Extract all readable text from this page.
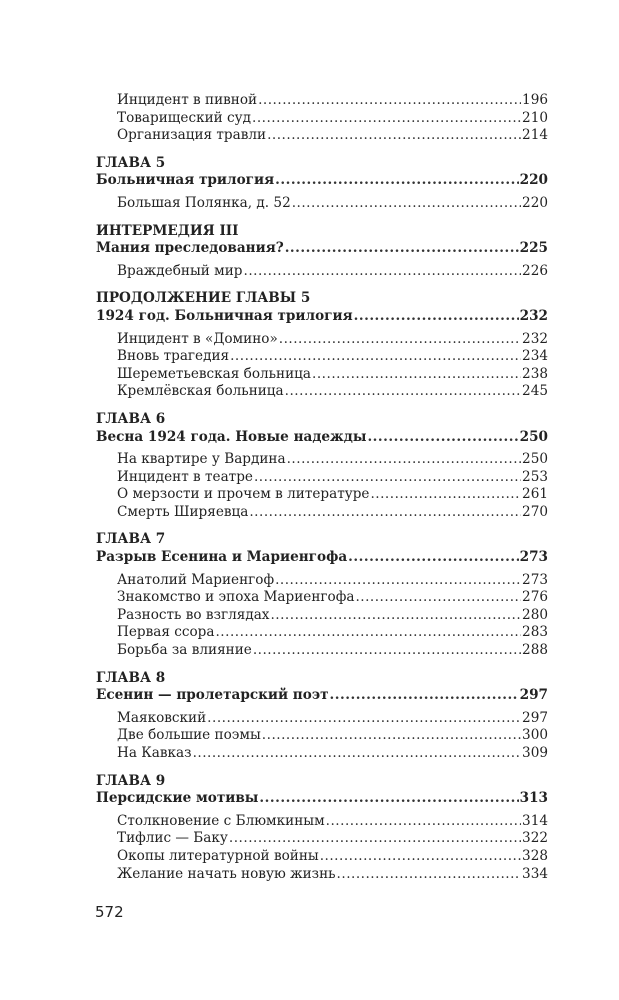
Инцидент в пивной .....	196
Товарищеский суд .....	210
Организация травли .....	214
ГЛАВА 5
Больничная трилогия .....	220
Большая Полянка, д. 52 .....	220
ИНТЕРМЕДИЯ III
Мания преследования? .....	225
Враждебный мир .....	226
ПРОДОЛЖЕНИЕ ГЛАВЫ 5
1924 год. Больничная трилогия .....	232
Инцидент в «Домино» .....	232
Вновь трагедия .....	234
Шереметьевская больница .....	238
Кремлёвская больница .....	245
ГЛАВА 6
Весна 1924 года. Новые надежды .....	250
На квартире у Вардина .....	250
Инцидент в театре .....	253
О мерзости и прочем в литературе .....	261
Смерть Ширяевца .....	270
ГЛАВА 7
Разрыв Есенина и Мариенгофа .....	273
Анатолий Мариенгоф .....	273
Знакомство и эпоха Мариенгофа .....	276
Разность во взглядах .....	280
Первая ссора .....	283
Борьба за влияние .....	288
ГЛАВА 8
Есенин — пролетарский поэт .....	297
Маяковский .....	297
Две большие поэмы .....	300
На Кавказ .....	309
ГЛАВА 9
Персидские мотивы .....	313
Столкновение с Блюмкиным .....	314
Тифлис — Баку .....	322
Окопы литературной войны .....	328
Желание начать новую жизнь .....	334
572
